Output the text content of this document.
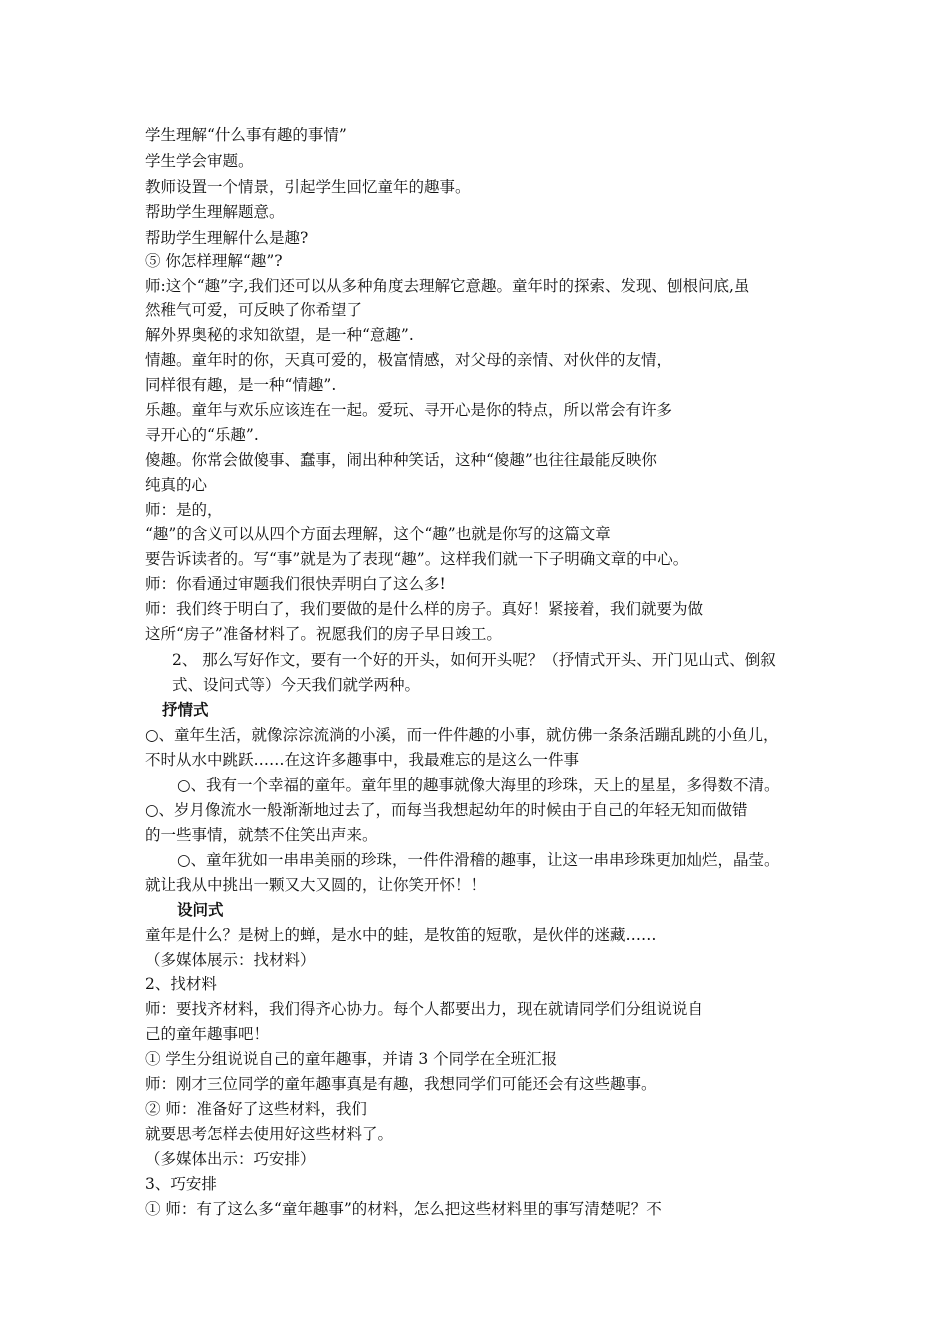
学生理解“什么事有趣的事情”
学生学会审题。
教师设置一个情景，引起学生回忆童年的趣事。
帮助学生理解题意。
帮助学生理解什么是趣?
⑤ 你怎样理解“趣”?
师:这个“趣”字,我们还可以从多种角度去理解它意趣。童年时的探索、发现、刨根问底,虽
然稚气可爱，可反映了你希望了
解外界奥秘的求知欲望，是一种“意趣”.
情趣。童年时的你，天真可爱的，极富情感，对父母的亲情、对伙伴的友情，
同样很有趣，是一种“情趣”.
乐趣。童年与欢乐应该连在一起。爱玩、寻开心是你的特点，所以常会有许多
寻开心的“乐趣”.
傻趣。你常会做傻事、蠢事，闹出种种笑话，这种“傻趣”也往往最能反映你
纯真的心
师：是的，
“趣”的含义可以从四个方面去理解，这个“趣”也就是你写的这篇文章
要告诉读者的。写“事”就是为了表现“趣”。这样我们就一下子明确文章的中心。
师：你看通过审题我们很快弄明白了这么多!
师：我们终于明白了，我们要做的是什么样的房子。真好！紧接着，我们就要为做
这所“房子”准备材料了。祝愿我们的房子早日竣工。
2、 那么写好作文，要有一个好的开头，如何开头呢？（抒情式开头、开门见山式、倒叙
式、设问式等）今天我们就学两种。
抒情式
○、童年生活，就像淙淙流淌的小溪，而一件件趣的小事，就仿佛一条条活蹦乱跳的小鱼儿，
不时从水中跳跃……在这许多趣事中，我最难忘的是这么一件事
○、我有一个幸福的童年。童年里的趣事就像大海里的珍珠，天上的星星，多得数不清。
○、岁月像流水一般渐渐地过去了，而每当我想起幼年的时候由于自己的年轻无知而做错
的一些事情，就禁不住笑出声来。
○、童年犹如一串串美丽的珍珠，一件件滑稽的趣事，让这一串串珍珠更加灿烂，晶莹。
就让我从中挑出一颗又大又圆的，让你笑开怀！！
设问式
童年是什么？是树上的蝉，是水中的蛙，是牧笛的短歌，是伙伴的迷藏……
（多媒体展示：找材料）
2、找材料
师：要找齐材料，我们得齐心协力。每个人都要出力，现在就请同学们分组说说自
己的童年趣事吧！
① 学生分组说说自己的童年趣事，并请 3 个同学在全班汇报
师：刚才三位同学的童年趣事真是有趣，我想同学们可能还会有这些趣事。
② 师：准备好了这些材料，我们
就要思考怎样去使用好这些材料了。
（多媒体出示：巧安排）
3、巧安排
① 师：有了这么多“童年趣事”的材料，怎么把这些材料里的事写清楚呢？不
